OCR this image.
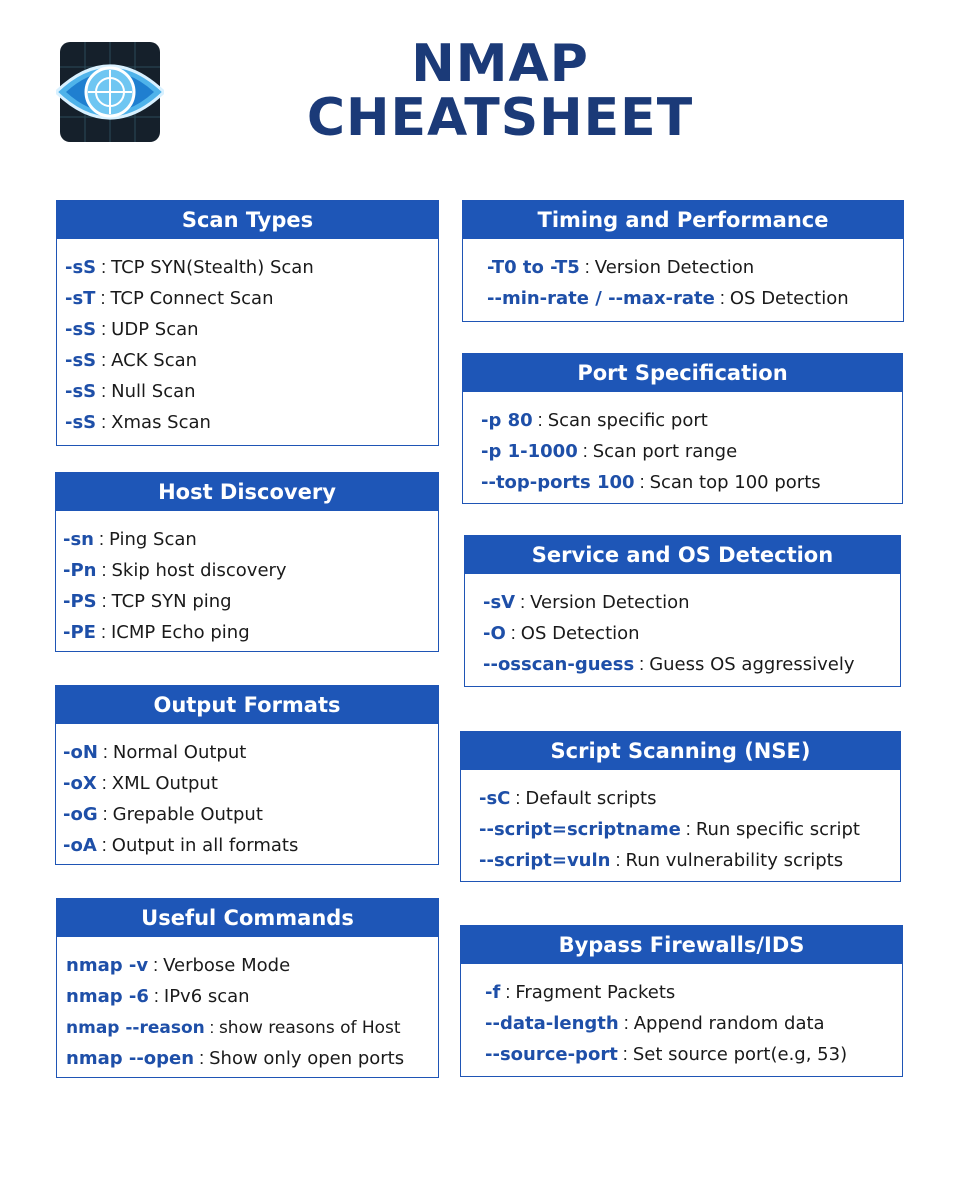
NMAP
CHEATSHEET
Scan Types
-sS : TCP SYN(Stealth) Scan
-sT : TCP Connect Scan
-sS : UDP Scan
-sS : ACK Scan
-sS : Null Scan
-sS : Xmas Scan
Host Discovery
-sn : Ping Scan
-Pn : Skip host discovery
-PS : TCP SYN ping
-PE : ICMP Echo ping
Output Formats
-oN : Normal Output
-oX : XML Output
-oG : Grepable Output
-oA : Output in all formats
Useful Commands
nmap -v : Verbose Mode
nmap -6 : IPv6 scan
nmap --reason : show reasons of Host
nmap --open : Show only open ports
Timing and Performance
-T0 to -T5 : Version Detection
--min-rate / --max-rate : OS Detection
Port Specification
-p 80 : Scan specific port
-p 1-1000 : Scan port range
--top-ports 100 : Scan top 100 ports
Service and OS Detection
-sV : Version Detection
-O : OS Detection
--osscan-guess : Guess OS aggressively
Script Scanning (NSE)
-sC : Default scripts
--script=scriptname : Run specific script
--script=vuln : Run vulnerability scripts
Bypass Firewalls/IDS
-f : Fragment Packets
--data-length : Append random data
--source-port : Set source port(e.g, 53)
